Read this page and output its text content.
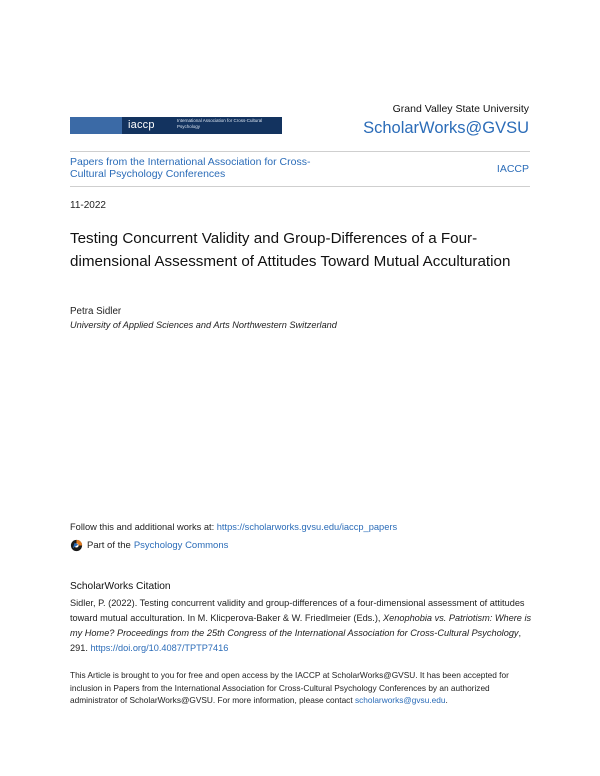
iaccp	International Association for Cross-Cultural Psychology
Grand Valley State University
ScholarWorks@GVSU
Papers from the International Association for Cross-Cultural Psychology Conferences	IACCP
11-2022
Testing Concurrent Validity and Group-Differences of a Four-dimensional Assessment of Attitudes Toward Mutual Acculturation
Petra Sidler
University of Applied Sciences and Arts Northwestern Switzerland
Follow this and additional works at: https://scholarworks.gvsu.edu/iaccp_papers
Part of the Psychology Commons
ScholarWorks Citation
Sidler, P. (2022). Testing concurrent validity and group-differences of a four-dimensional assessment of attitudes toward mutual acculturation. In M. Klicperova-Baker & W. Friedlmeier (Eds.), Xenophobia vs. Patriotism: Where is my Home? Proceedings from the 25th Congress of the International Association for Cross-Cultural Psychology, 291. https://doi.org/10.4087/TPTP7416
This Article is brought to you for free and open access by the IACCP at ScholarWorks@GVSU. It has been accepted for inclusion in Papers from the International Association for Cross-Cultural Psychology Conferences by an authorized administrator of ScholarWorks@GVSU. For more information, please contact scholarworks@gvsu.edu.
